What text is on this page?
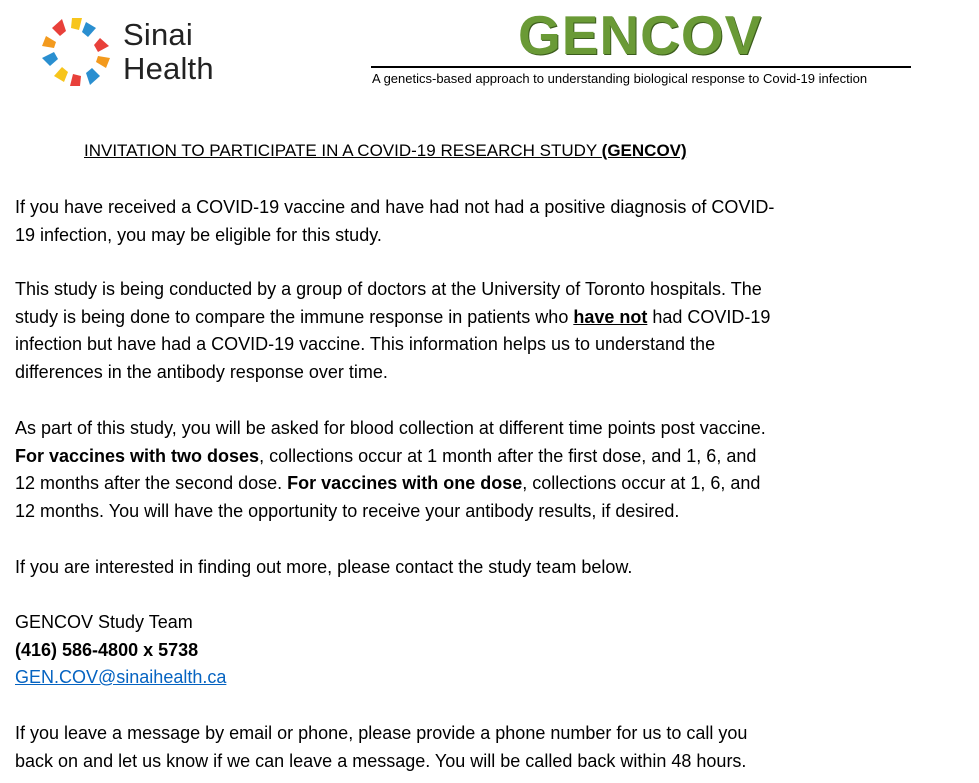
Sinai
Health
GENCOV
A genetics-based approach to understanding biological response to Covid-19 infection
INVITATION TO PARTICIPATE IN A COVID-19 RESEARCH STUDY (GENCOV)
If you have received a COVID-19 vaccine and have had not had a positive diagnosis of COVID-
19 infection, you may be eligible for this study.
This study is being conducted by a group of doctors at the University of Toronto hospitals. The
study is being done to compare the immune response in patients who have not had COVID-19
infection but have had a COVID-19 vaccine. This information helps us to understand the
differences in the antibody response over time.
As part of this study, you will be asked for blood collection at different time points post vaccine.
For vaccines with two doses, collections occur at 1 month after the first dose, and 1, 6, and
12 months after the second dose. For vaccines with one dose, collections occur at 1, 6, and
12 months. You will have the opportunity to receive your antibody results, if desired.
If you are interested in finding out more, please contact the study team below.
GENCOV Study Team
(416) 586-4800 x 5738
GEN.COV@sinaihealth.ca
If you leave a message by email or phone, please provide a phone number for us to call you
back on and let us know if we can leave a message. You will be called back within 48 hours.
